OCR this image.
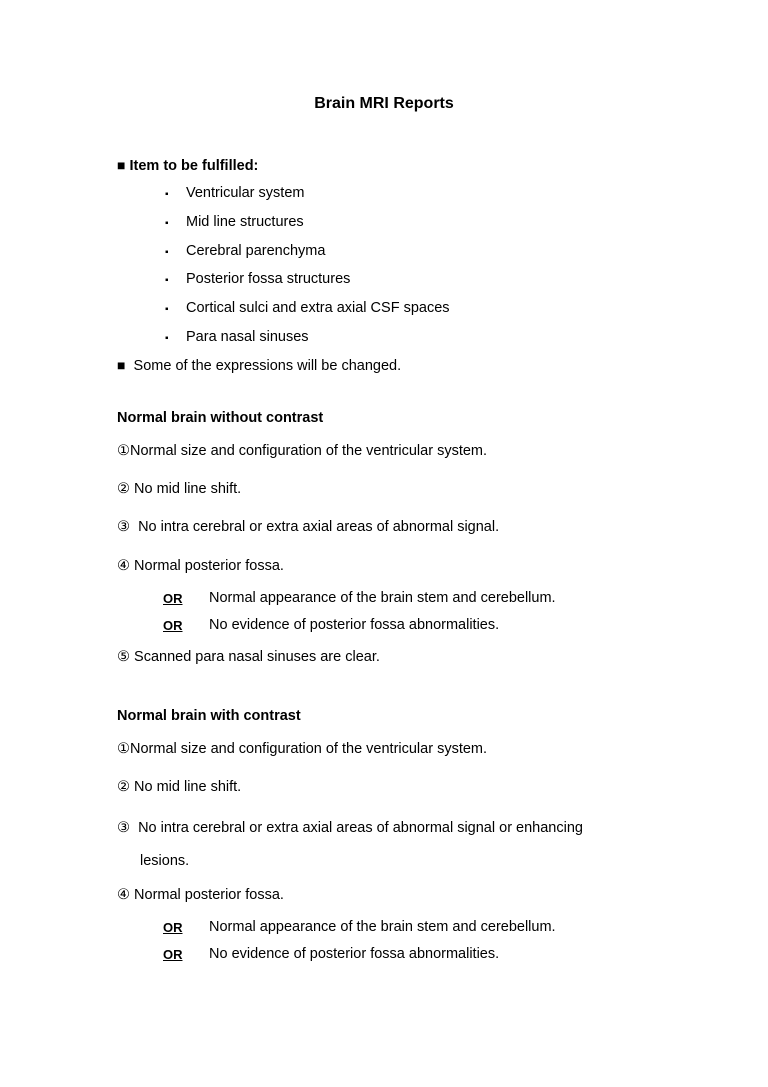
Brain MRI Reports
■ Item to be fulfilled:
▪ Ventricular system
▪ Mid line structures
▪ Cerebral parenchyma
▪ Posterior fossa structures
▪ Cortical sulci and extra axial CSF spaces
▪ Para nasal sinuses
■ Some of the expressions will be changed.
Normal brain without contrast
①Normal size and configuration of the ventricular system.
② No mid line shift.
③ No intra cerebral or extra axial areas of abnormal signal.
④ Normal posterior fossa.
OR Normal appearance of the brain stem and cerebellum.
OR No evidence of posterior fossa abnormalities.
⑤ Scanned para nasal sinuses are clear.
Normal brain with contrast
①Normal size and configuration of the ventricular system.
② No mid line shift.
③ No intra cerebral or extra axial areas of abnormal signal or enhancing
lesions.
④ Normal posterior fossa.
OR Normal appearance of the brain stem and cerebellum.
OR No evidence of posterior fossa abnormalities.
